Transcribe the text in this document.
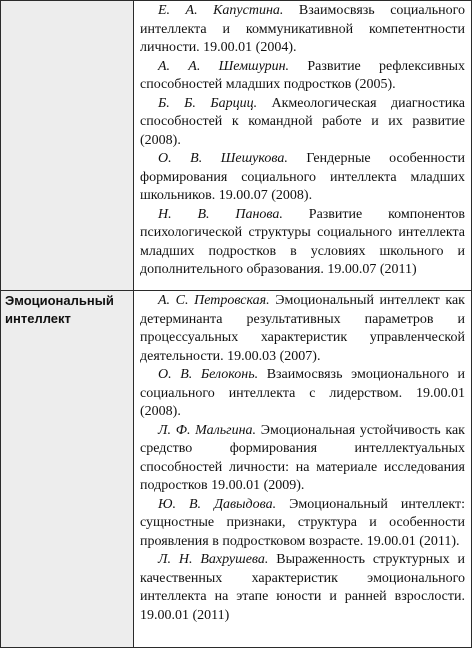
	Е. А. Капустина. Взаимосвязь социального интеллекта и коммуникативной компетентности личности. 19.00.01 (2004).

А. А. Шемшурин. Развитие рефлексивных способностей младших подростков (2005).

Б. Б. Барциц. Акмеологическая диагностика способностей к командной работе и их развитие (2008).

О. В. Шешукова. Гендерные особенности формирования социального интеллекта младших школьников. 19.00.07 (2008).

Н. В. Панова. Развитие компонентов психологической структуры социального интеллекта младших подростков в условиях школьного и дополнительного образования. 19.00.07 (2011)

Эмоциональный интеллект	А. С. Петровская. Эмоциональный интеллект как детерминанта результативных параметров и процессуальных характеристик управленческой деятельности. 19.00.03 (2007).

О. В. Белоконь. Взаимосвязь эмоционального и социального интеллекта с лидерством. 19.00.01 (2008).

Л. Ф. Мальгина. Эмоциональная устойчивость как средство формирования интеллектуальных способностей личности: на материале исследования подростков 19.00.01 (2009).

Ю. В. Давыдова. Эмоциональный интеллект: сущностные признаки, структура и особенности проявления в подростковом возрасте. 19.00.01 (2011).

Л. Н. Вахрушева. Выраженность структурных и качественных характеристик эмоционального интеллекта на этапе юности и ранней взрослости. 19.00.01 (2011)
